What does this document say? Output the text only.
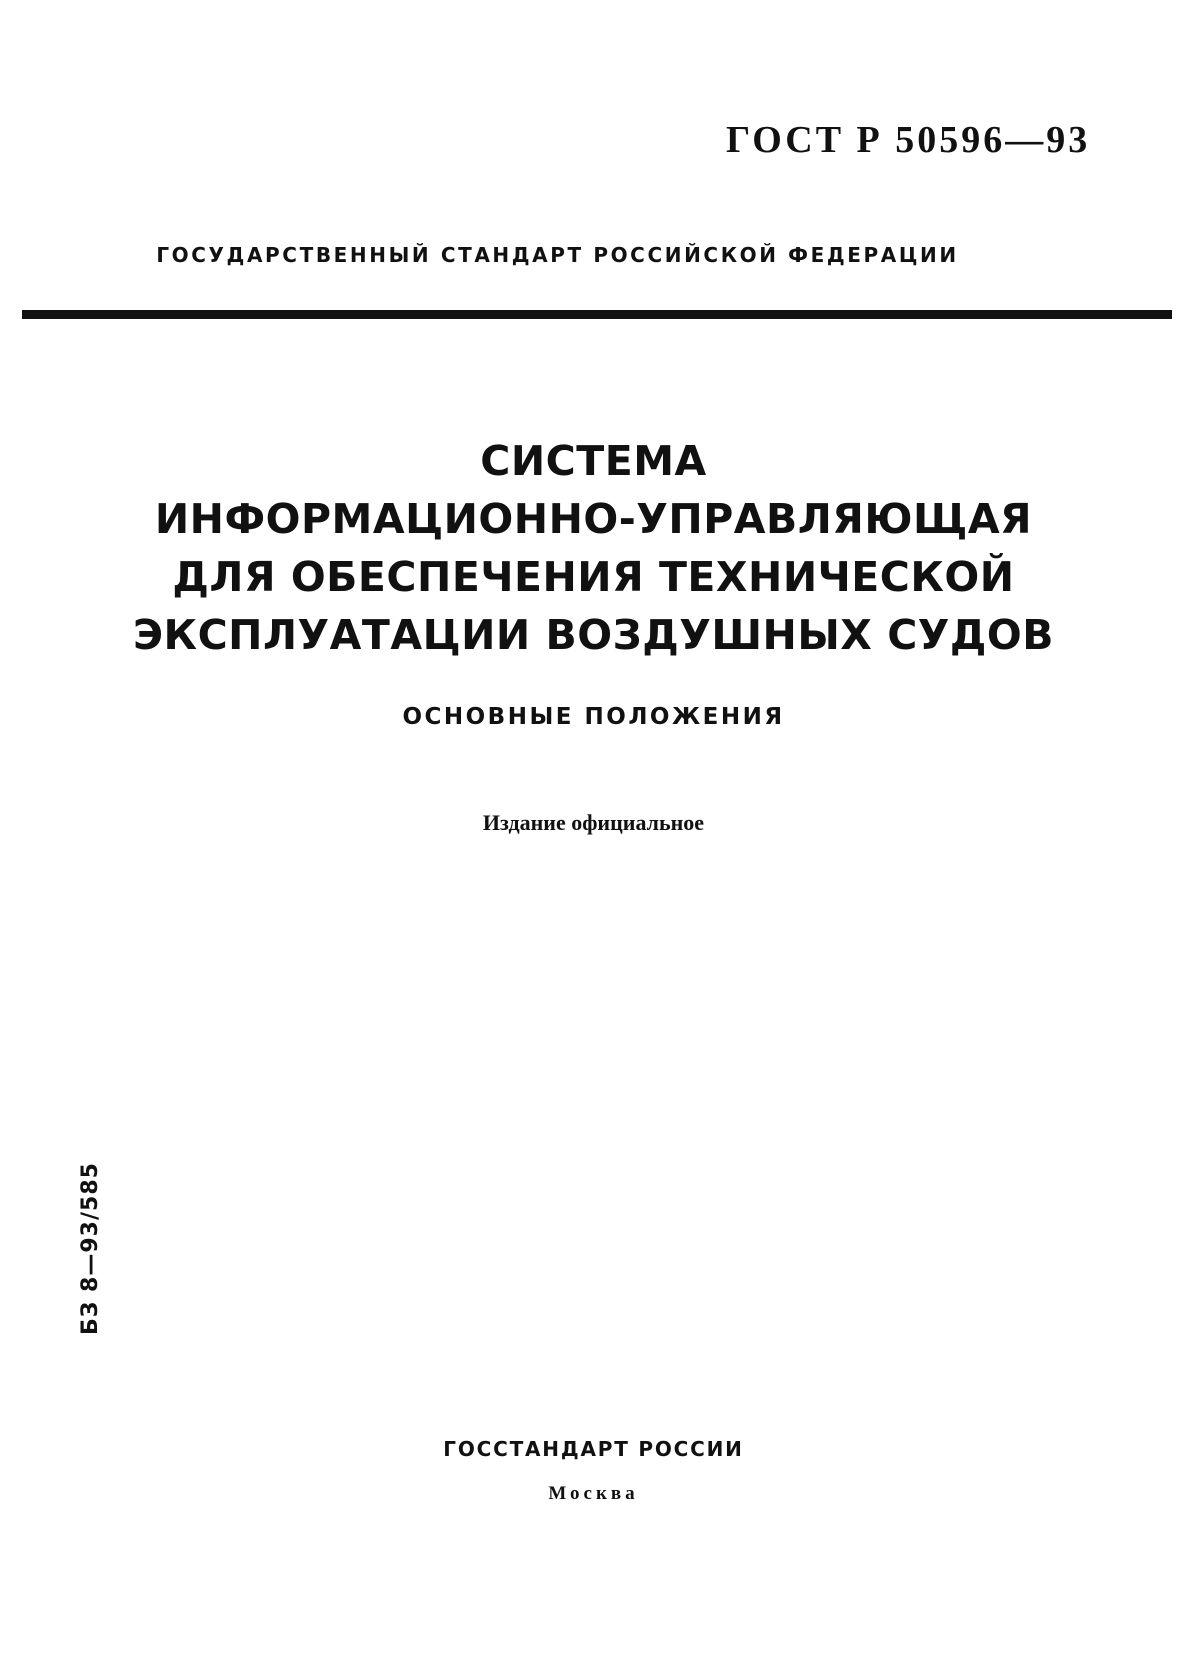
ГОСТ Р 50596—93
ГОСУДАРСТВЕННЫЙ СТАНДАРТ РОССИЙСКОЙ ФЕДЕРАЦИИ
СИСТЕМА
ИНФОРМАЦИОННО-УПРАВЛЯЮЩАЯ
ДЛЯ ОБЕСПЕЧЕНИЯ ТЕХНИЧЕСКОЙ
ЭКСПЛУАТАЦИИ ВОЗДУШНЫХ СУДОВ
ОСНОВНЫЕ ПОЛОЖЕНИЯ
Издание официальное
БЗ 8—93/585
ГОССТАНДАРТ РОССИИ
Москва
